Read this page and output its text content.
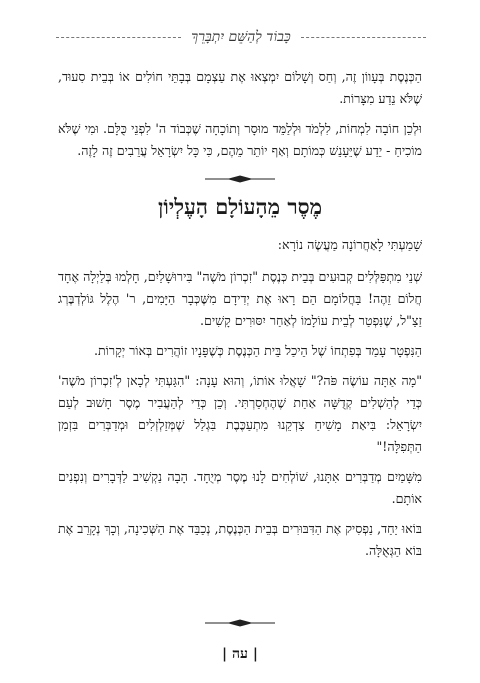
כָּבוֹד לְהַשֵּׁם יִתְבָּרֵךְ

הַכְּנֶסֶת בְּעָווֹן זֶה, וְחַס וְשָׁלוֹם יִמְצְאוּ אֶת עַצְמָם בְּבָתֵּי חוֹלִים אוֹ בְּבֵית סִעוּד, שֶׁלֹּא נֵדַע מִצָּרוֹת.

וּלְכֵן חוֹבָה לִמְחוֹת, לִלְמֹד וּלְלַמֵּד מוּסָר וְתוֹכָחָה שֶׁכְּבוֹד ה' לִפְנֵי כֻּלָּם. וּמִי שֶׁלֹּא מוֹכִיחַ - יֵדַע שֶׁיֵּעָנֵשׁ כְּמוֹתָם וְאַף יוֹתֵר מֵהֶם, כִּי כָּל יִשְׂרָאֵל עֲרֵבִים זֶה לָזֶה.

מֶסֶר מֵהָעוֹלָם הָעֶלְיוֹן

שָׁמַעְתִּי לָאַחֲרוֹנָה מַעֲשֶׂה נוֹרָא:

שְׁנֵי מִתְפַּלְּלִים קְבוּעִים בְּבֵית כְּנֶסֶת "זִכְרוֹן מֹשֶׁה" בִּירוּשָׁלַיִם, חָלְמוּ בְּלַיְלָה אֶחָד חֲלוֹם זֵהֶה! בַּחֲלוֹמָם הֵם רָאוּ אֶת יְדִידָם מִשֶּׁכְּבָר הַיָּמִים, ר' הֶלֶל גּוֹלְדְבֶּרְג זַצַ"ל, שֶׁנִּפְטַר לְבֵית עוֹלָמוֹ לְאַחַר יִסּוּרִים קָשִׁים.

הַנִּפְטָר עָמַד בְּפִתְחוֹ שֶׁל הֵיכַל בֵּית הַכְּנֶסֶת כְּשֶׁפָּנָיו זוֹהֲרִים בְּאוֹר יְקָרוֹת.

"מָה אַתָּה עוֹשֶׂה פֹּה?" שָׁאֲלוּ אוֹתוֹ, וְהוּא עָנָה: "הִגַּעְתִּי לְכָאן לְ'זִכְרוֹן מֹשֶׁה' כְּדֵי לְהַשְׁלִים קְדֻשָּׁה אַחַת שֶׁהֶחְסַרְתִּי. וְכֵן כְּדֵי לְהַעֲבִיר מֶסֶר חָשׁוּב לְעַם יִשְׂרָאֵל: בִּיאַת מָשִׁיחַ צִדְקֵנוּ מִתְעַכֶּבֶת בִּגְלַל שֶׁמְּזַלְזְלִים וּמְדַבְּרִים בִּזְמַן הַתְּפִלָּה!"

מִשָּׁמַיִם מְדַבְּרִים אִתָּנוּ, שׁוֹלְחִים לָנוּ מֶסֶר מְיֻחָד. הָבָה נַקְשִׁיב לַדְּבָרִים וְנִפְנִים אוֹתָם.

בּוֹאוּ יַחַד, נַפְסִיק אֶת הַדִּבּוּרִים בְּבֵית הַכְּנֶסֶת, נְכַבֵּד אֶת הַשְּׁכִינָה, וְכָךְ נְקָרֵב אֶת בּוֹא הַגְּאֻלָּה.

| עה |
